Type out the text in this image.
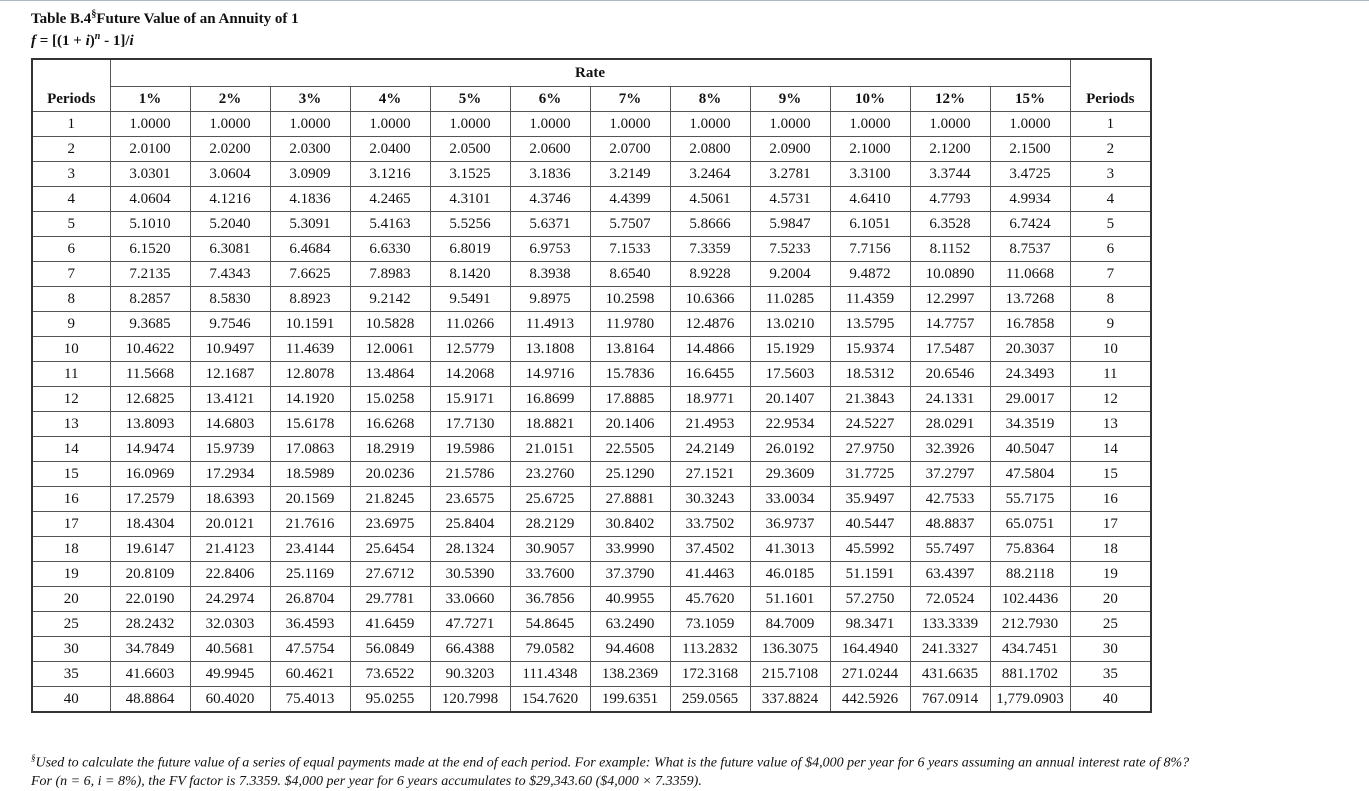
Table B.4§Future Value of an Annuity of 1
$f = [(1 + i)^n - 1]/i$
	Rate												
Periods	1%	2%	3%	4%	5%	6%	7%	8%	9%	10%	12%	15%	Periods
1	1.0000	1.0000	1.0000	1.0000	1.0000	1.0000	1.0000	1.0000	1.0000	1.0000	1.0000	1.0000	1
2	2.0100	2.0200	2.0300	2.0400	2.0500	2.0600	2.0700	2.0800	2.0900	2.1000	2.1200	2.1500	2
3	3.0301	3.0604	3.0909	3.1216	3.1525	3.1836	3.2149	3.2464	3.2781	3.3100	3.3744	3.4725	3
4	4.0604	4.1216	4.1836	4.2465	4.3101	4.3746	4.4399	4.5061	4.5731	4.6410	4.7793	4.9934	4
5	5.1010	5.2040	5.3091	5.4163	5.5256	5.6371	5.7507	5.8666	5.9847	6.1051	6.3528	6.7424	5
6	6.1520	6.3081	6.4684	6.6330	6.8019	6.9753	7.1533	7.3359	7.5233	7.7156	8.1152	8.7537	6
7	7.2135	7.4343	7.6625	7.8983	8.1420	8.3938	8.6540	8.9228	9.2004	9.4872	10.0890	11.0668	7
8	8.2857	8.5830	8.8923	9.2142	9.5491	9.8975	10.2598	10.6366	11.0285	11.4359	12.2997	13.7268	8
9	9.3685	9.7546	10.1591	10.5828	11.0266	11.4913	11.9780	12.4876	13.0210	13.5795	14.7757	16.7858	9
10	10.4622	10.9497	11.4639	12.0061	12.5779	13.1808	13.8164	14.4866	15.1929	15.9374	17.5487	20.3037	10
11	11.5668	12.1687	12.8078	13.4864	14.2068	14.9716	15.7836	16.6455	17.5603	18.5312	20.6546	24.3493	11
12	12.6825	13.4121	14.1920	15.0258	15.9171	16.8699	17.8885	18.9771	20.1407	21.3843	24.1331	29.0017	12
13	13.8093	14.6803	15.6178	16.6268	17.7130	18.8821	20.1406	21.4953	22.9534	24.5227	28.0291	34.3519	13
14	14.9474	15.9739	17.0863	18.2919	19.5986	21.0151	22.5505	24.2149	26.0192	27.9750	32.3926	40.5047	14
15	16.0969	17.2934	18.5989	20.0236	21.5786	23.2760	25.1290	27.1521	29.3609	31.7725	37.2797	47.5804	15
16	17.2579	18.6393	20.1569	21.8245	23.6575	25.6725	27.8881	30.3243	33.0034	35.9497	42.7533	55.7175	16
17	18.4304	20.0121	21.7616	23.6975	25.8404	28.2129	30.8402	33.7502	36.9737	40.5447	48.8837	65.0751	17
18	19.6147	21.4123	23.4144	25.6454	28.1324	30.9057	33.9990	37.4502	41.3013	45.5992	55.7497	75.8364	18
19	20.8109	22.8406	25.1169	27.6712	30.5390	33.7600	37.3790	41.4463	46.0185	51.1591	63.4397	88.2118	19
20	22.0190	24.2974	26.8704	29.7781	33.0660	36.7856	40.9955	45.7620	51.1601	57.2750	72.0524	102.4436	20
25	28.2432	32.0303	36.4593	41.6459	47.7271	54.8645	63.2490	73.1059	84.7009	98.3471	133.3339	212.7930	25
30	34.7849	40.5681	47.5754	56.0849	66.4388	79.0582	94.4608	113.2832	136.3075	164.4940	241.3327	434.7451	30
35	41.6603	49.9945	60.4621	73.6522	90.3203	111.4348	138.2369	172.3168	215.7108	271.0244	431.6635	881.1702	35
40	48.8864	60.4020	75.4013	95.0255	120.7998	154.7620	199.6351	259.0565	337.8824	442.5926	767.0914	1,779.0903	40
§Used to calculate the future value of a series of equal payments made at the end of each period. For example: What is the future value of $4,000 per year for 6 years assuming an annual interest rate of 8%?
For (n = 6, i = 8%), the FV factor is 7.3359. $4,000 per year for 6 years accumulates to $29,343.60 ($4,000 × 7.3359).
